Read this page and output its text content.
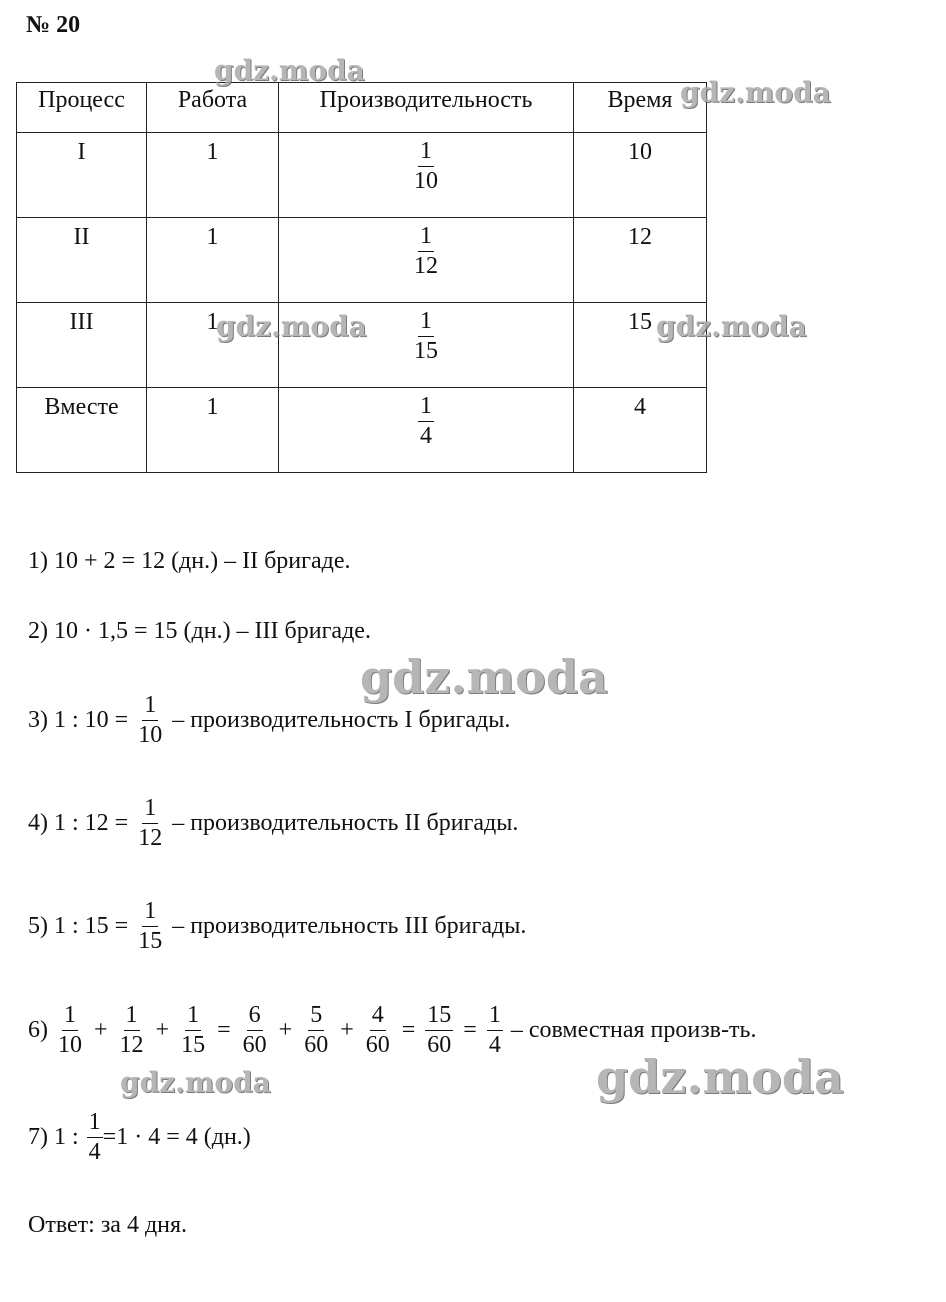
№ 20
Процесс	Работа	Производительность	Время
I	1	$\frac{1}{10}$	10
II	1	$\frac{1}{12}$	12
III	1	$\frac{1}{15}$	15
Вместе	1	$\frac{1}{4}$	4
1) 10 + 2 = 12 (дн.) – II бригаде.
2) 10 · 1,5 = 15 (дн.) – III бригаде.
3) 1 : $10 = \frac{1}{10}$ – производительность I бригады.
4) 1 : $12 = \frac{1}{12}$ – производительность II бригады.
5) 1 : $15 = \frac{1}{15}$ – производительность III бригады.
$6) \frac{1}{10} + \frac{1}{12} + \frac{1}{15} = \frac{6}{60} + \frac{5}{60} + \frac{4}{60} = \frac{15}{60} = \frac{1}{4}$ – совместная произв-ть.
7) 1 : $\frac{1}{4} =1 \cdot 4 = 4$ (дн.)
Ответ: за 4 дня.
gdz.moda
gdz.moda
gdz.moda	gdz.moda
gdz.moda
gdz.moda	gdz.moda
